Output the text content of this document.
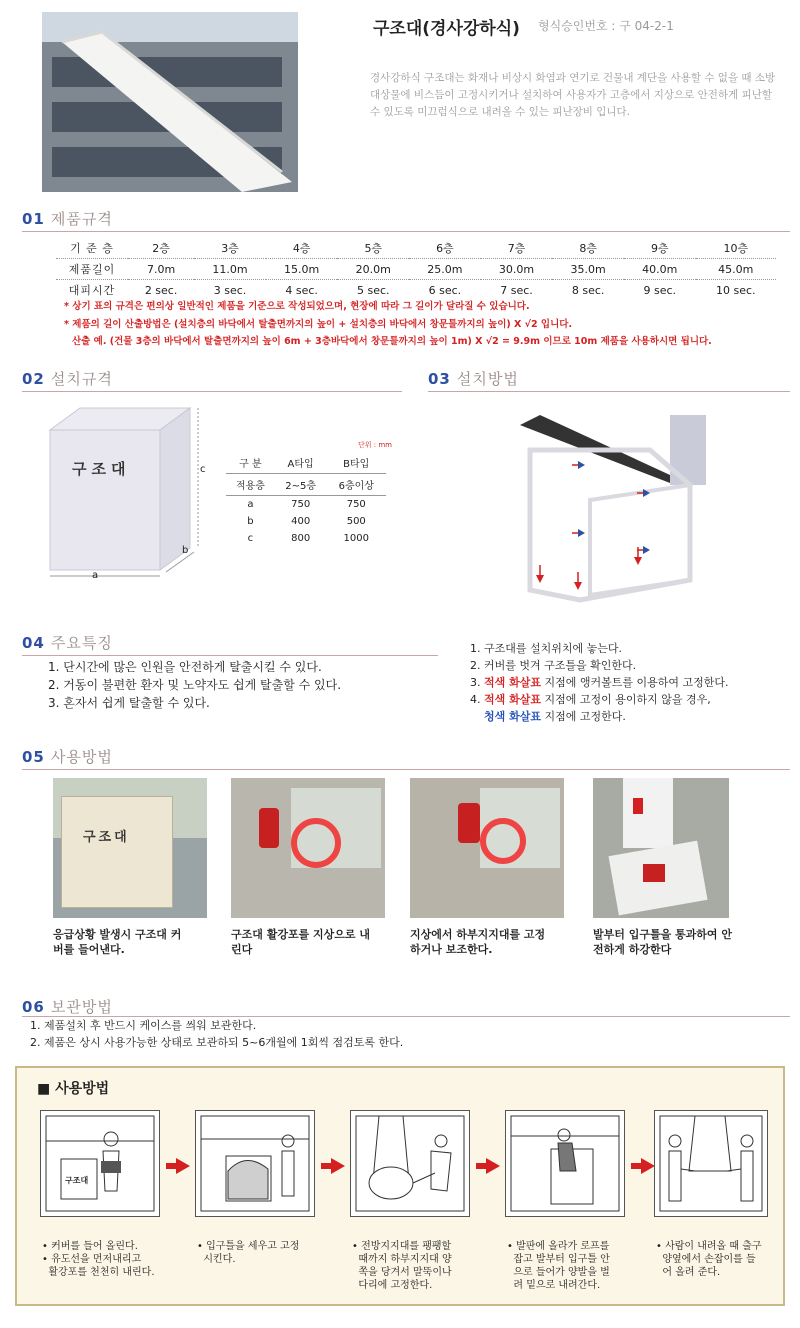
구조대(경사강하식) 형식승인번호 : 구 04-2-1
경사강하식 구조대는 화재나 비상시 화염과 연기로 건물내 계단을 사용할 수 없을 때 소방대상물에 비스듬이 고정시키거나 설치하여 사용자가 고층에서 지상으로 안전하게 피난할 수 있도록 미끄럼식으로 내려올 수 있는 피난장비 입니다.
01 제품규격
기 준 층	2층	3층	4층	5층	6층	7층	8층	9층	10층
제품길이	7.0m	11.0m	15.0m	20.0m	25.0m	30.0m	35.0m	40.0m	45.0m
대피시간	2 sec.	3 sec.	4 sec.	5 sec.	6 sec.	7 sec.	8 sec.	9 sec.	10 sec.
* 상기 표의 규격은 편의상 일반적인 제품을 기준으로 작성되었으며, 현장에 따라 그 길이가 달라질 수 있습니다.
* 제품의 길이 산출방법은 (설치층의 바닥에서 탈출면까지의 높이 + 설치층의 바닥에서 창문틀까지의 높이) X √2 입니다.
산출 예. (건물 3층의 바닥에서 탈출면까지의 높이 6m + 3층바닥에서 창문틀까지의 높이 1m) X √2 = 9.9m 이므로 10m 제품을 사용하시면 됩니다.
02 설치규격
구조대
a
b
c
단위 : mm
구 분	A타입	B타입
적용층	2~5층	6층이상
a	750	750
b	400	500
c	800	1000
03 설치방법
피난 개구부
1. 구조대를 설치위치에 놓는다.
2. 커버를 벗겨 구조틀을 확인한다.
3. 적색 화살표 지점에 앵커볼트를 이용하여 고정한다.
4. 적색 화살표 지점에 고정이 용이하지 않을 경우,
청색 화살표 지점에 고정한다.
04 주요특징
1. 단시간에 많은 인원을 안전하게 탈출시킬 수 있다.
2. 거동이 불편한 환자 및 노약자도 쉽게 탈출할 수 있다.
3. 혼자서 쉽게 탈출할 수 있다.
05 사용방법
구조대
응급상황 발생시 구조대 커버를 들어낸다.
구조대 활강포를 지상으로 내린다
지상에서 하부지지대를 고정하거나 보조한다.
발부터 입구틀을 통과하여 안전하게 하강한다
06 보관방법
1. 제품설치 후 반드시 케이스를 씌워 보관한다.
2. 제품은 상시 사용가능한 상태로 보관하되 5~6개월에 1회씩 점검토록 한다.
■ 사용방법
구조대
• 커버를 들어 올린다.
• 유도선을 먼저내리고
활강포를 천천히 내린다.
• 입구틀을 세우고 고정
시킨다.
• 전방지지대를 팽팽할
때까지 하부지지대 양
쪽을 당겨서 말뚝이나
다리에 고정한다.
• 발판에 올라가 로프를
잡고 발부터 입구틀 안
으로 들어가 양발을 벌
려 밑으로 내려간다.
• 사람이 내려올 때 출구
양옆에서 손잡이를 들
어 올려 준다.
